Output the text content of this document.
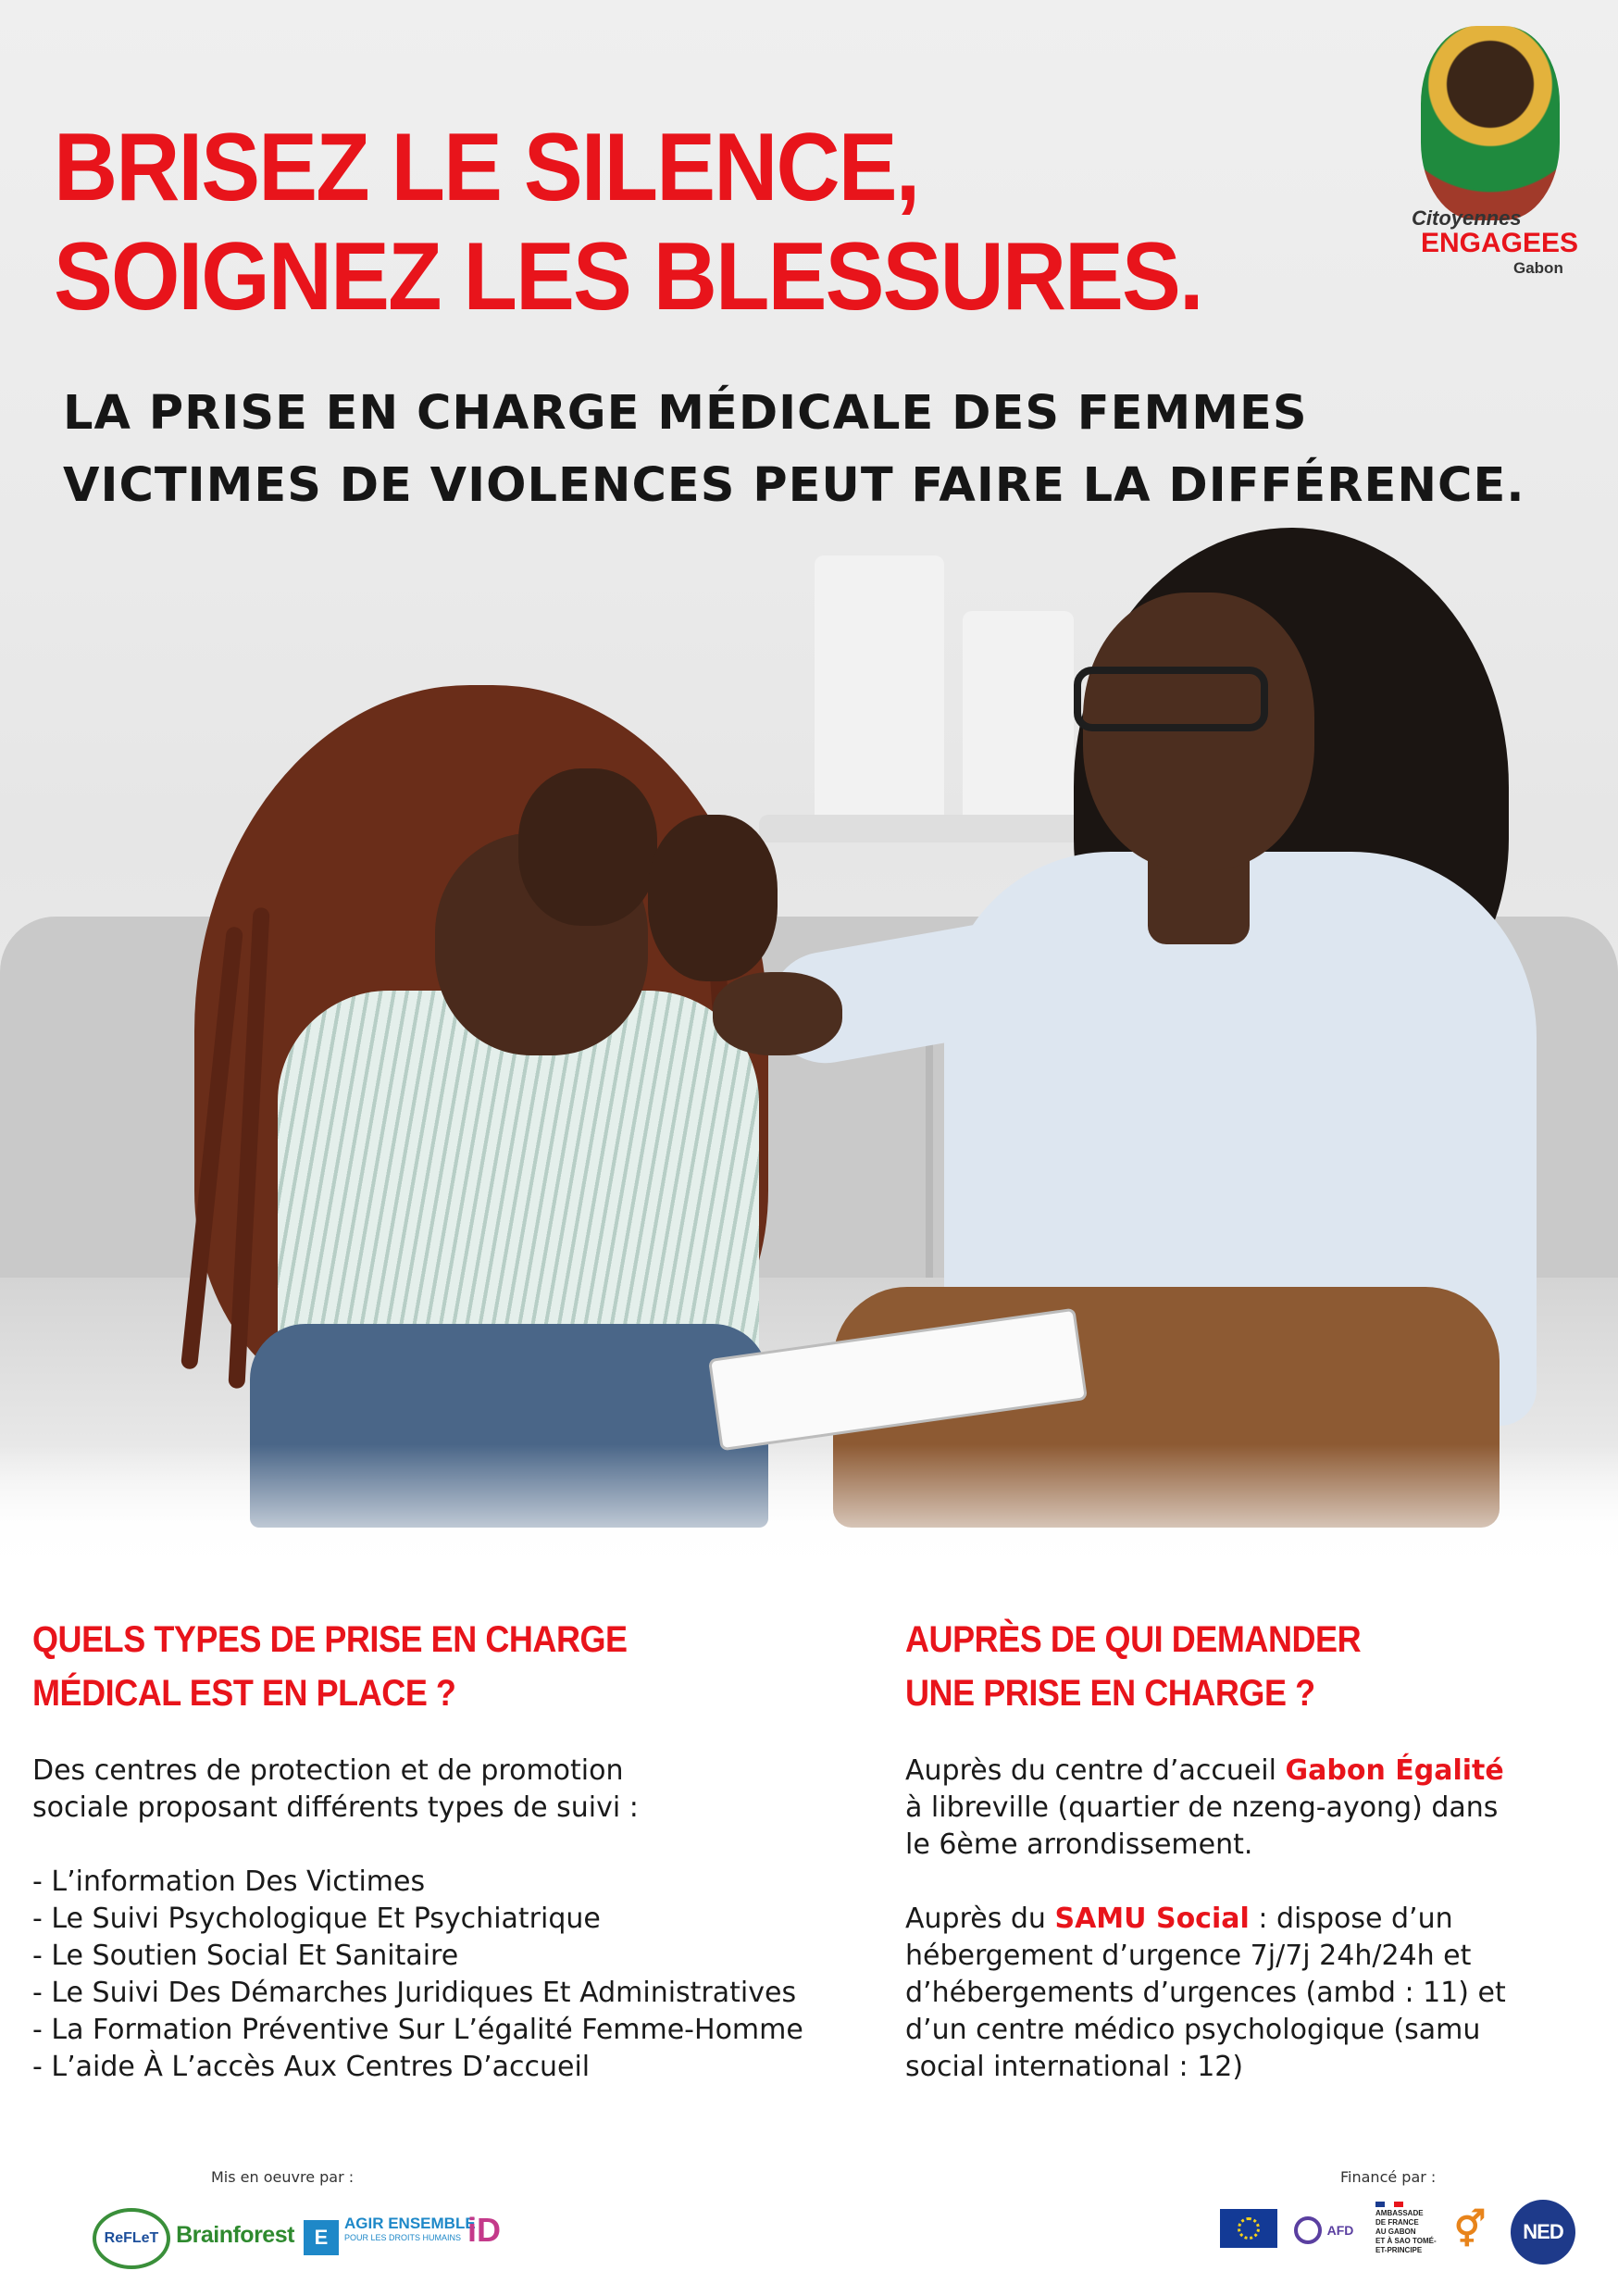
BRISEZ LE SILENCE,
SOIGNEZ LES BLESSURES.
LA PRISE EN CHARGE MÉDICALE DES FEMMES
VICTIMES DE VIOLENCES PEUT FAIRE LA DIFFÉRENCE.
Citoyennes
ENGAGEES
Gabon
QUELS TYPES DE PRISE EN CHARGE
MÉDICAL EST EN PLACE ?
Des centres de protection et de promotion
sociale proposant différents types de suivi :
- L’information Des Victimes
- Le Suivi Psychologique Et Psychiatrique
- Le Soutien Social Et Sanitaire
- Le Suivi Des Démarches Juridiques Et Administratives
- La Formation Préventive Sur L’égalité Femme-Homme
- L’aide À L’accès Aux Centres D’accueil
AUPRÈS DE QUI DEMANDER
UNE PRISE EN CHARGE ?
Auprès du centre d’accueil Gabon Égalité
à libreville (quartier de nzeng-ayong) dans
le 6ème arrondissement.
Auprès du SAMU Social : dispose d’un
hébergement d’urgence 7j/7j 24h/24h et
d’hébergements d’urgences (ambd : 11) et
d’un centre médico psychologique (samu
social international : 12)
Mis en oeuvre par :	Financé par :
ReFLeT Brainforest E
AGIR ENSEMBLE
POUR LES DROITS HUMAINS iD	AFD
AMBASSADE
DE FRANCE
AU GABON
ET À SAO TOMÉ-
ET-PRINCIPE
⚥	NED
